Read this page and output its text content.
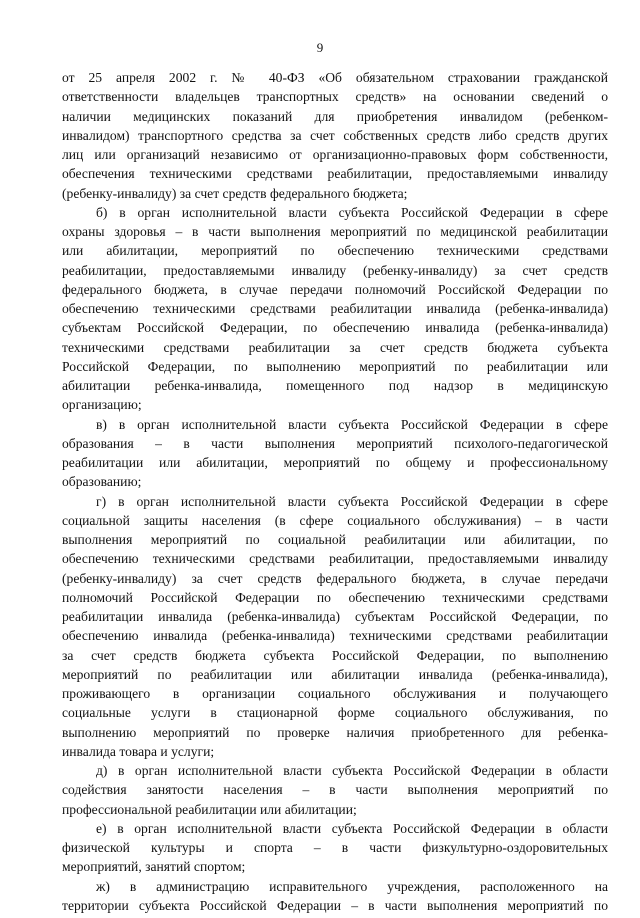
9
от 25 апреля 2002 г. № 40-ФЗ «Об обязательном страховании гражданской
ответственности владельцев транспортных средств» на основании сведений о
наличии медицинских показаний для приобретения инвалидом (ребенком-
инвалидом) транспортного средства за счет собственных средств либо средств других
лиц или организаций независимо от организационно-правовых форм собственности,
обеспечения техническими средствами реабилитации, предоставляемыми инвалиду
(ребенку-инвалиду) за счет средств федерального бюджета;
б) в орган исполнительной власти субъекта Российской Федерации в сфере
охраны здоровья – в части выполнения мероприятий по медицинской реабилитации
или абилитации, мероприятий по обеспечению техническими средствами
реабилитации, предоставляемыми инвалиду (ребенку-инвалиду) за счет средств
федерального бюджета, в случае передачи полномочий Российской Федерации по
обеспечению техническими средствами реабилитации инвалида (ребенка-инвалида)
субъектам Российской Федерации, по обеспечению инвалида (ребенка-инвалида)
техническими средствами реабилитации за счет средств бюджета субъекта
Российской Федерации, по выполнению мероприятий по реабилитации или
абилитации ребенка-инвалида, помещенного под надзор в медицинскую
организацию;
в) в орган исполнительной власти субъекта Российской Федерации в сфере
образования – в части выполнения мероприятий психолого-педагогической
реабилитации или абилитации, мероприятий по общему и профессиональному
образованию;
г) в орган исполнительной власти субъекта Российской Федерации в сфере
социальной защиты населения (в сфере социального обслуживания) – в части
выполнения мероприятий по социальной реабилитации или абилитации, по
обеспечению техническими средствами реабилитации, предоставляемыми инвалиду
(ребенку-инвалиду) за счет средств федерального бюджета, в случае передачи
полномочий Российской Федерации по обеспечению техническими средствами
реабилитации инвалида (ребенка-инвалида) субъектам Российской Федерации, по
обеспечению инвалида (ребенка-инвалида) техническими средствами реабилитации
за счет средств бюджета субъекта Российской Федерации, по выполнению
мероприятий по реабилитации или абилитации инвалида (ребенка-инвалида),
проживающего в организации социального обслуживания и получающего
социальные услуги в стационарной форме социального обслуживания, по
выполнению мероприятий по проверке наличия приобретенного для ребенка-
инвалида товара и услуги;
д) в орган исполнительной власти субъекта Российской Федерации в области
содействия занятости населения – в части выполнения мероприятий по
профессиональной реабилитации или абилитации;
е) в орган исполнительной власти субъекта Российской Федерации в области
физической культуры и спорта – в части физкультурно-оздоровительных
мероприятий, занятий спортом;
ж) в администрацию исправительного учреждения, расположенного на
территории субъекта Российской Федерации – в части выполнения мероприятий по
